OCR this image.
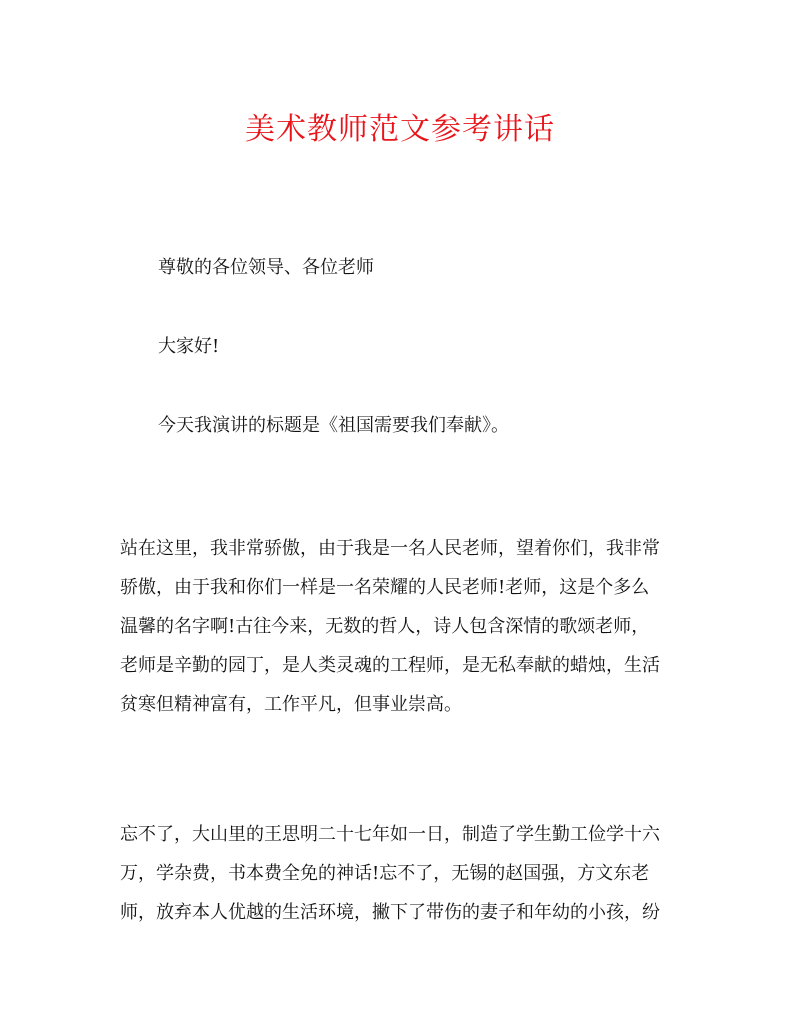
美术教师范文参考讲话

尊敬的各位领导、各位老师

大家好!

今天我演讲的标题是《祖国需要我们奉献》。

站在这里，我非常骄傲，由于我是一名人民老师，望着你们，我非常
骄傲，由于我和你们一样是一名荣耀的人民老师!老师，这是个多么
温馨的名字啊!古往今来，无数的哲人，诗人包含深情的歌颂老师，
老师是辛勤的园丁，是人类灵魂的工程师，是无私奉献的蜡烛，生活
贫寒但精神富有，工作平凡，但事业崇高。
忘不了，大山里的王思明二十七年如一日，制造了学生勤工俭学十六
万，学杂费，书本费全免的神话!忘不了，无锡的赵国强，方文东老
师，放弃本人优越的生活环境，撇下了带伤的妻子和年幼的小孩，纷
